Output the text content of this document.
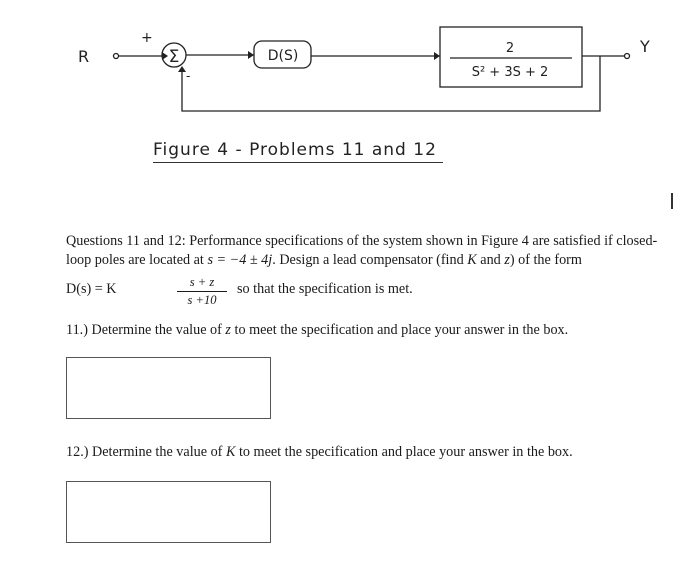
R
+
Σ
-
D(S)	2
S² + 3S + 2
Y
Figure 4 - Problems 11 and 12
Questions 11 and 12: Performance specifications of the system shown in Figure 4 are satisfied if closed-loop poles are located at s = −4 ± 4j. Design a lead compensator (find K and z) of the form
D(s) = K	s + z
s +10
so that the specification is met.
11.) Determine the value of z to meet the specification and place your answer in the box.
12.) Determine the value of K to meet the specification and place your answer in the box.
